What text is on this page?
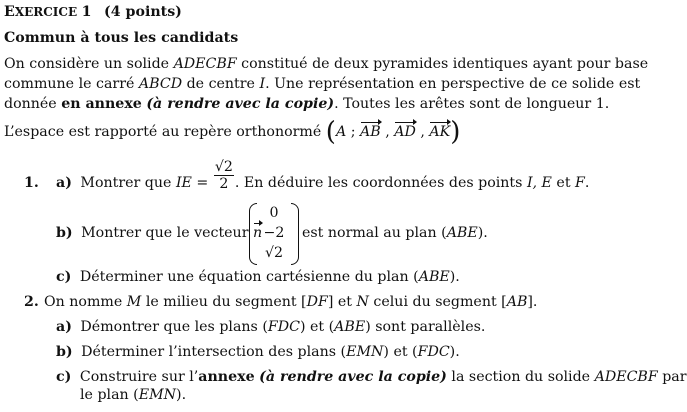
EXERCICE 1 (4 points)
Commun à tous les candidats
On considère un solide ADECBF constitué de deux pyramides identiques ayant pour base
commune le carré ABCD de centre I. Une représentation en perspective de ce solide est
donnée en annexe (à rendre avec la copie). Toutes les arêtes sont de longueur 1.
L’espace est rapporté au repère orthonormé (A ; AB , AD , AK)
1. a) Montrer que IE = $\frac{√2}{2}$ . En déduire les coordonnées des points I, E et F.
b) Montrer que le vecteur n
0
−2
√2
est normal au plan (ABE).
c) Déterminer une équation cartésienne du plan (ABE).
2. On nomme M le milieu du segment [DF] et N celui du segment [AB].
a) Démontrer que les plans (FDC) et (ABE) sont parallèles.
b) Déterminer l’intersection des plans (EMN) et (FDC).
c) Construire sur l’annexe (à rendre avec la copie) la section du solide ADECBF par
le plan (EMN).
